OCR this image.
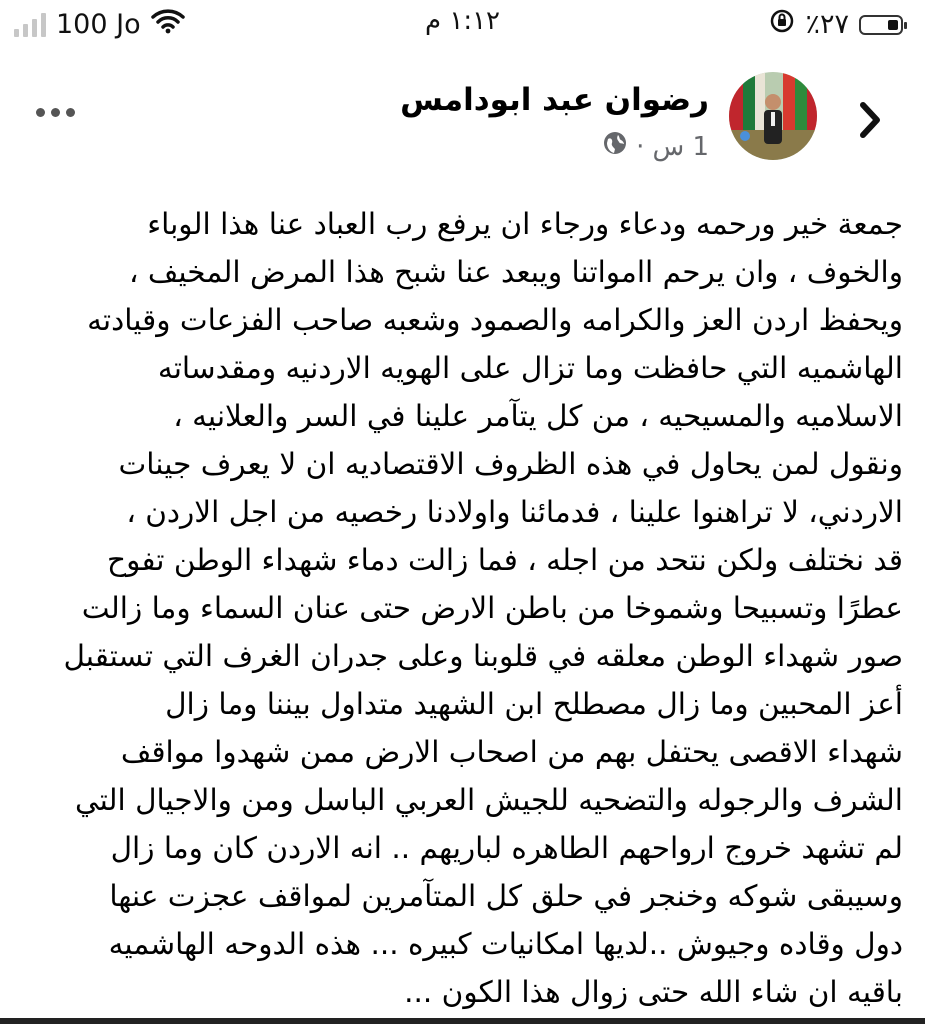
٪٢٧
١:١٢ م
100 Jo
رضوان عبد ابودامس
1 س
·
جمعة خير ورحمه ودعاء ورجاء ان يرفع رب العباد عنا هذا الوباء
والخوف ، وان يرحم اامواتنا ويبعد عنا شبح هذا المرض المخيف ،
ويحفظ اردن العز والكرامه والصمود وشعبه صاحب الفزعات وقيادته
الهاشميه التي حافظت وما تزال على الهويه الاردنيه ومقدساته
الاسلاميه والمسيحيه ، من كل يتآمر علينا في السر والعلانيه ،
ونقول لمن يحاول في هذه الظروف الاقتصاديه ان لا يعرف جينات
الاردني، لا تراهنوا علينا ، فدمائنا واولادنا رخصيه من اجل الاردن ،
قد نختلف ولكن نتحد من اجله ، فما زالت دماء شهداء الوطن تفوح
عطرًا وتسبيحا وشموخا من باطن الارض حتى عنان السماء وما زالت
صور شهداء الوطن معلقه في قلوبنا وعلى جدران الغرف التي تستقبل
أعز المحبين وما زال مصطلح ابن الشهيد متداول بيننا وما زال
شهداء الاقصى يحتفل بهم من اصحاب الارض ممن شهدوا مواقف
الشرف والرجوله والتضحيه للجيش العربي الباسل ومن والاجيال التي
لم تشهد خروج ارواحهم الطاهره لباريهم .. انه الاردن كان وما زال
وسيبقى شوكه وخنجر في حلق كل المتآمرين لمواقف عجزت عنها
دول وقاده وجيوش ..لديها امكانيات كبيره ... هذه الدوحه الهاشميه
باقيه ان شاء الله حتى زوال هذا الكون ...
